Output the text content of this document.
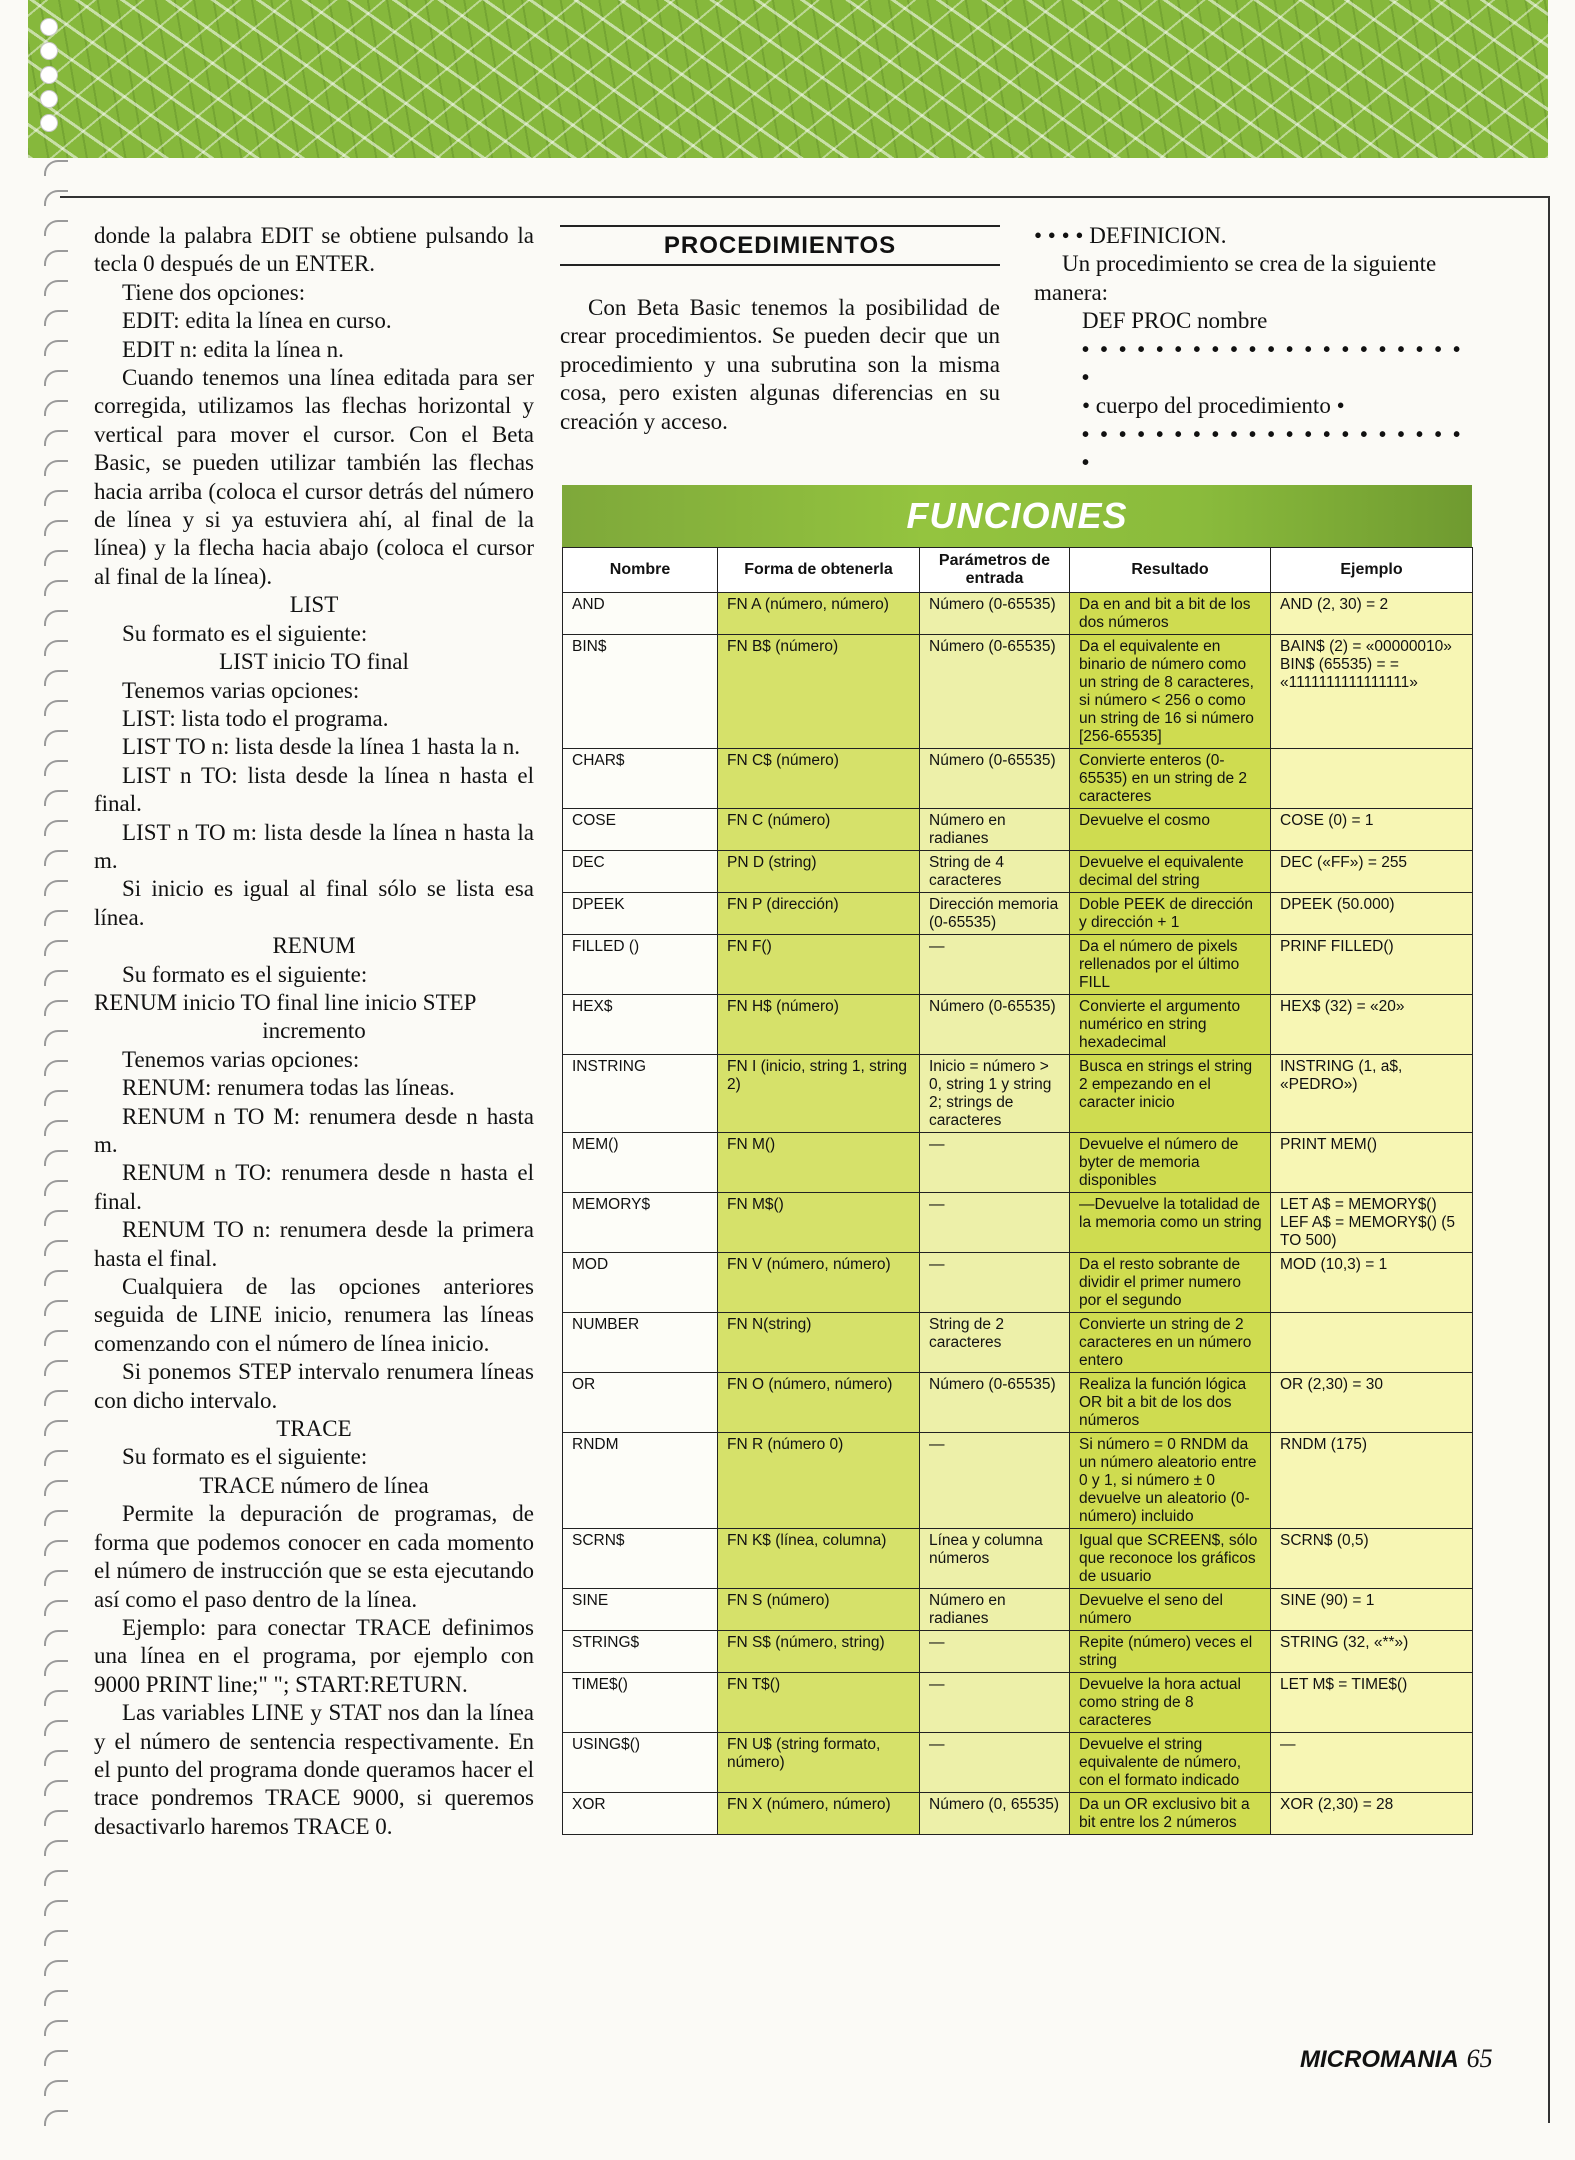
donde la palabra EDIT se obtiene pulsando la tecla 0 después de un ENTER.

Tiene dos opciones:

EDIT: edita la línea en curso.

EDIT n: edita la línea n.

Cuando tenemos una línea editada para ser corregida, utilizamos las flechas horizontal y vertical para mover el cursor. Con el Beta Basic, se pueden utilizar también las flechas hacia arriba (coloca el cursor detrás del número de línea y si ya estuviera ahí, al final de la línea) y la flecha hacia abajo (coloca el cursor al final de la línea).

LIST

Su formato es el siguiente:

LIST inicio TO final

Tenemos varias opciones:

LIST: lista todo el programa.

LIST TO n: lista desde la línea 1 hasta la n.

LIST n TO: lista desde la línea n hasta el final.

LIST n TO m: lista desde la línea n hasta la m.

Si inicio es igual al final sólo se lista esa línea.

RENUM

Su formato es el siguiente:

RENUM inicio TO final line inicio STEP

incremento

Tenemos varias opciones:

RENUM: renumera todas las líneas.

RENUM n TO M: renumera desde n hasta m.

RENUM n TO: renumera desde n hasta el final.

RENUM TO n: renumera desde la primera hasta el final.

Cualquiera de las opciones anteriores seguida de LINE inicio, renumera las líneas comenzando con el número de línea inicio.

Si ponemos STEP intervalo renumera líneas con dicho intervalo.

TRACE

Su formato es el siguiente:

TRACE número de línea

Permite la depuración de programas, de forma que podemos conocer en cada momento el número de instrucción que se esta ejecutando así como el paso dentro de la línea.

Ejemplo: para conectar TRACE definimos una línea en el programa, por ejemplo con 9000 PRINT line;" "; START:RETURN.

Las variables LINE y STAT nos dan la línea y el número de sentencia respectivamente. En el punto del programa donde queramos hacer el trace pondremos TRACE 9000, si queremos desactivarlo haremos TRACE 0.

PROCEDIMIENTOS

Con Beta Basic tenemos la posibilidad de crear procedimientos. Se pueden decir que un procedimiento y una subrutina son la misma cosa, pero existen algunas diferencias en su creación y acceso.

• • • • DEFINICION.

Un procedimiento se crea de la siguiente manera:

DEF PROC nombre

• • • • • • • • • • • • • • • • • • • • • •

• cuerpo del procedimiento •

• • • • • • • • • • • • • • • • • • • • • •

FUNCIONES
Nombre	Forma de obtenerla	Parámetros de entrada	Resultado	Ejemplo
AND	FN A (número, número)	Número (0-65535)	Da en and bit a bit de los dos números	AND (2, 30) = 2
BIN$	FN B$ (número)	Número (0-65535)	Da el equivalente en binario de número como un string de 8 caracteres, si número < 256 o como un string de 16 si número [256-65535]	BAIN$ (2) = «00000010» BIN$ (65535) = = «1111111111111111»
CHAR$	FN C$ (número)	Número (0-65535)	Convierte enteros (0-65535) en un string de 2 caracteres	
COSE	FN C (número)	Número en radianes	Devuelve el cosmo	COSE (0) = 1
DEC	PN D (string)	String de 4 caracteres	Devuelve el equivalente decimal del string	DEC («FF») = 255
DPEEK	FN P (dirección)	Dirección memoria (0-65535)	Doble PEEK de dirección y dirección + 1	DPEEK (50.000)
FILLED ()	FN F()	—	Da el número de pixels rellenados por el último FILL	PRINF FILLED()
HEX$	FN H$ (número)	Número (0-65535)	Convierte el argumento numérico en string hexadecimal	HEX$ (32) = «20»
INSTRING	FN I (inicio, string 1, string 2)	Inicio = número > 0, string 1 y string 2; strings de caracteres	Busca en strings el string 2 empezando en el caracter inicio	INSTRING (1, a$, «PEDRO»)
MEM()	FN M()	—	Devuelve el número de byter de memoria disponibles	PRINT MEM()
MEMORY$	FN M$()	—	—Devuelve la totalidad de la memoria como un string	LET A$ = MEMORY$() LEF A$ = MEMORY$() (5 TO 500)
MOD	FN V (número, número)	—	Da el resto sobrante de dividir el primer numero por el segundo	MOD (10,3) = 1
NUMBER	FN N(string)	String de 2 caracteres	Convierte un string de 2 caracteres en un número entero	
OR	FN O (número, número)	Número (0-65535)	Realiza la función lógica OR bit a bit de los dos números	OR (2,30) = 30
RNDM	FN R (número 0)	—	Si número = 0 RNDM da un número aleatorio entre 0 y 1, si número ± 0 devuelve un aleatorio (0-número) incluido	RNDM (175)
SCRN$	FN K$ (línea, columna)	Línea y columna números	Igual que SCREEN$, sólo que reconoce los gráficos de usuario	SCRN$ (0,5)
SINE	FN S (número)	Número en radianes	Devuelve el seno del número	SINE (90) = 1
STRING$	FN S$ (número, string)	—	Repite (número) veces el string	STRING (32, «**»)
TIME$()	FN T$()	—	Devuelve la hora actual como string de 8 caracteres	LET M$ = TIME$()
USING$()	FN U$ (string formato, número)	—	Devuelve el string equivalente de número, con el formato indicado	—
XOR	FN X (número, número)	Número (0, 65535)	Da un OR exclusivo bit a bit entre los 2 números	XOR (2,30) = 28
MICROMANIA 65
